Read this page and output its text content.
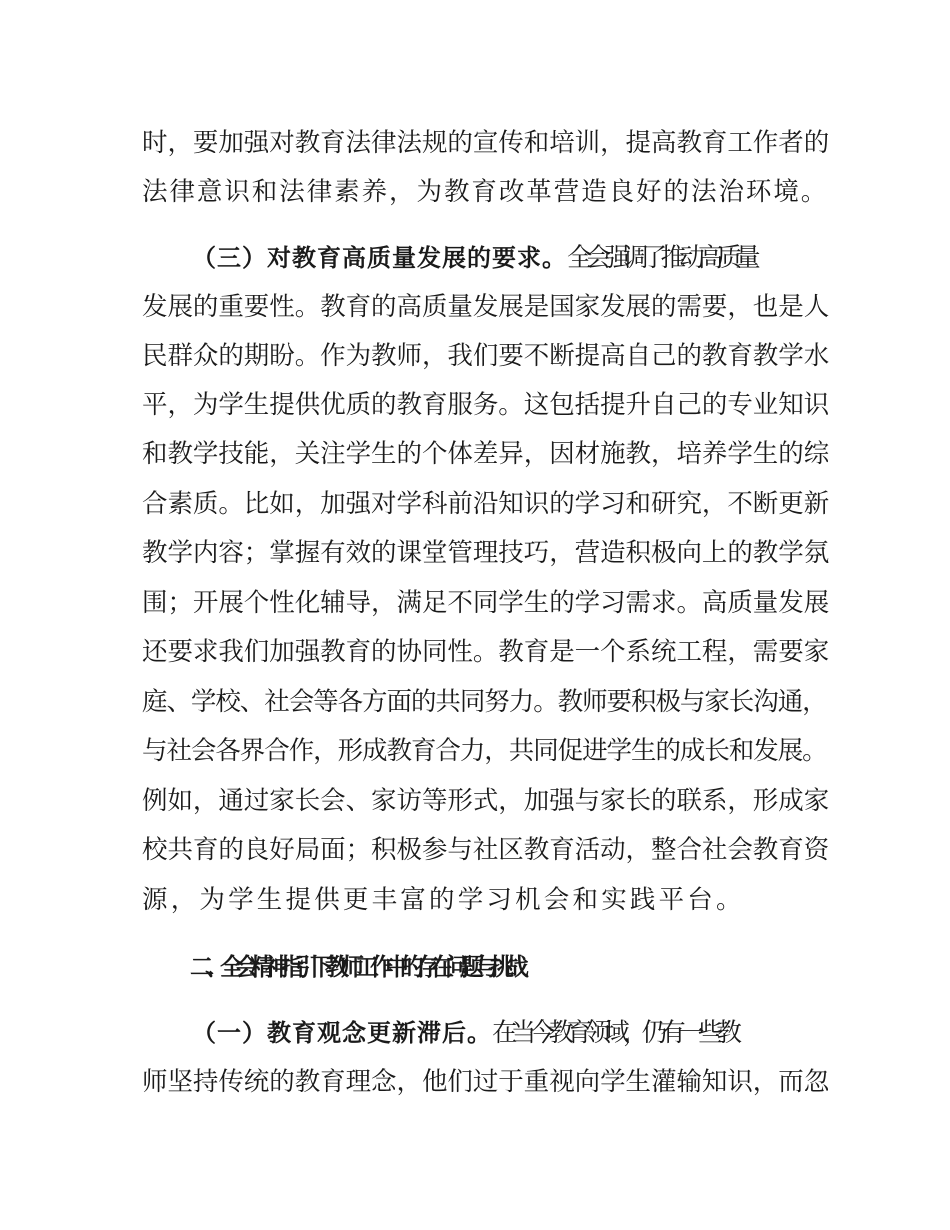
时，要加强对教育法律法规的宣传和培训，提高教育工作者的
法律意识和法律素养，为教育改革营造良好的法治环境。
（三）对教育高质量发展的要求。全会强调了推动高质量
发展的重要性。教育的高质量发展是国家发展的需要，也是人
民群众的期盼。作为教师，我们要不断提高自己的教育教学水
平，为学生提供优质的教育服务。这包括提升自己的专业知识
和教学技能，关注学生的个体差异，因材施教，培养学生的综
合素质。比如，加强对学科前沿知识的学习和研究，不断更新
教学内容；掌握有效的课堂管理技巧，营造积极向上的教学氛
围；开展个性化辅导，满足不同学生的学习需求。高质量发展
还要求我们加强教育的协同性。教育是一个系统工程，需要家
庭、学校、社会等各方面的共同努力。教师要积极与家长沟通，
与社会各界合作，形成教育合力，共同促进学生的成长和发展。
例如，通过家长会、家访等形式，加强与家长的联系，形成家
校共育的良好局面；积极参与社区教育活动，整合社会教育资
源，为学生提供更丰富的学习机会和实践平台。
二、全会精神指引下教师工作中的存在问题与挑战
（一）教育观念更新滞后。在当今教育领域，仍有一些教
师坚持传统的教育理念，他们过于重视向学生灌输知识，而忽
